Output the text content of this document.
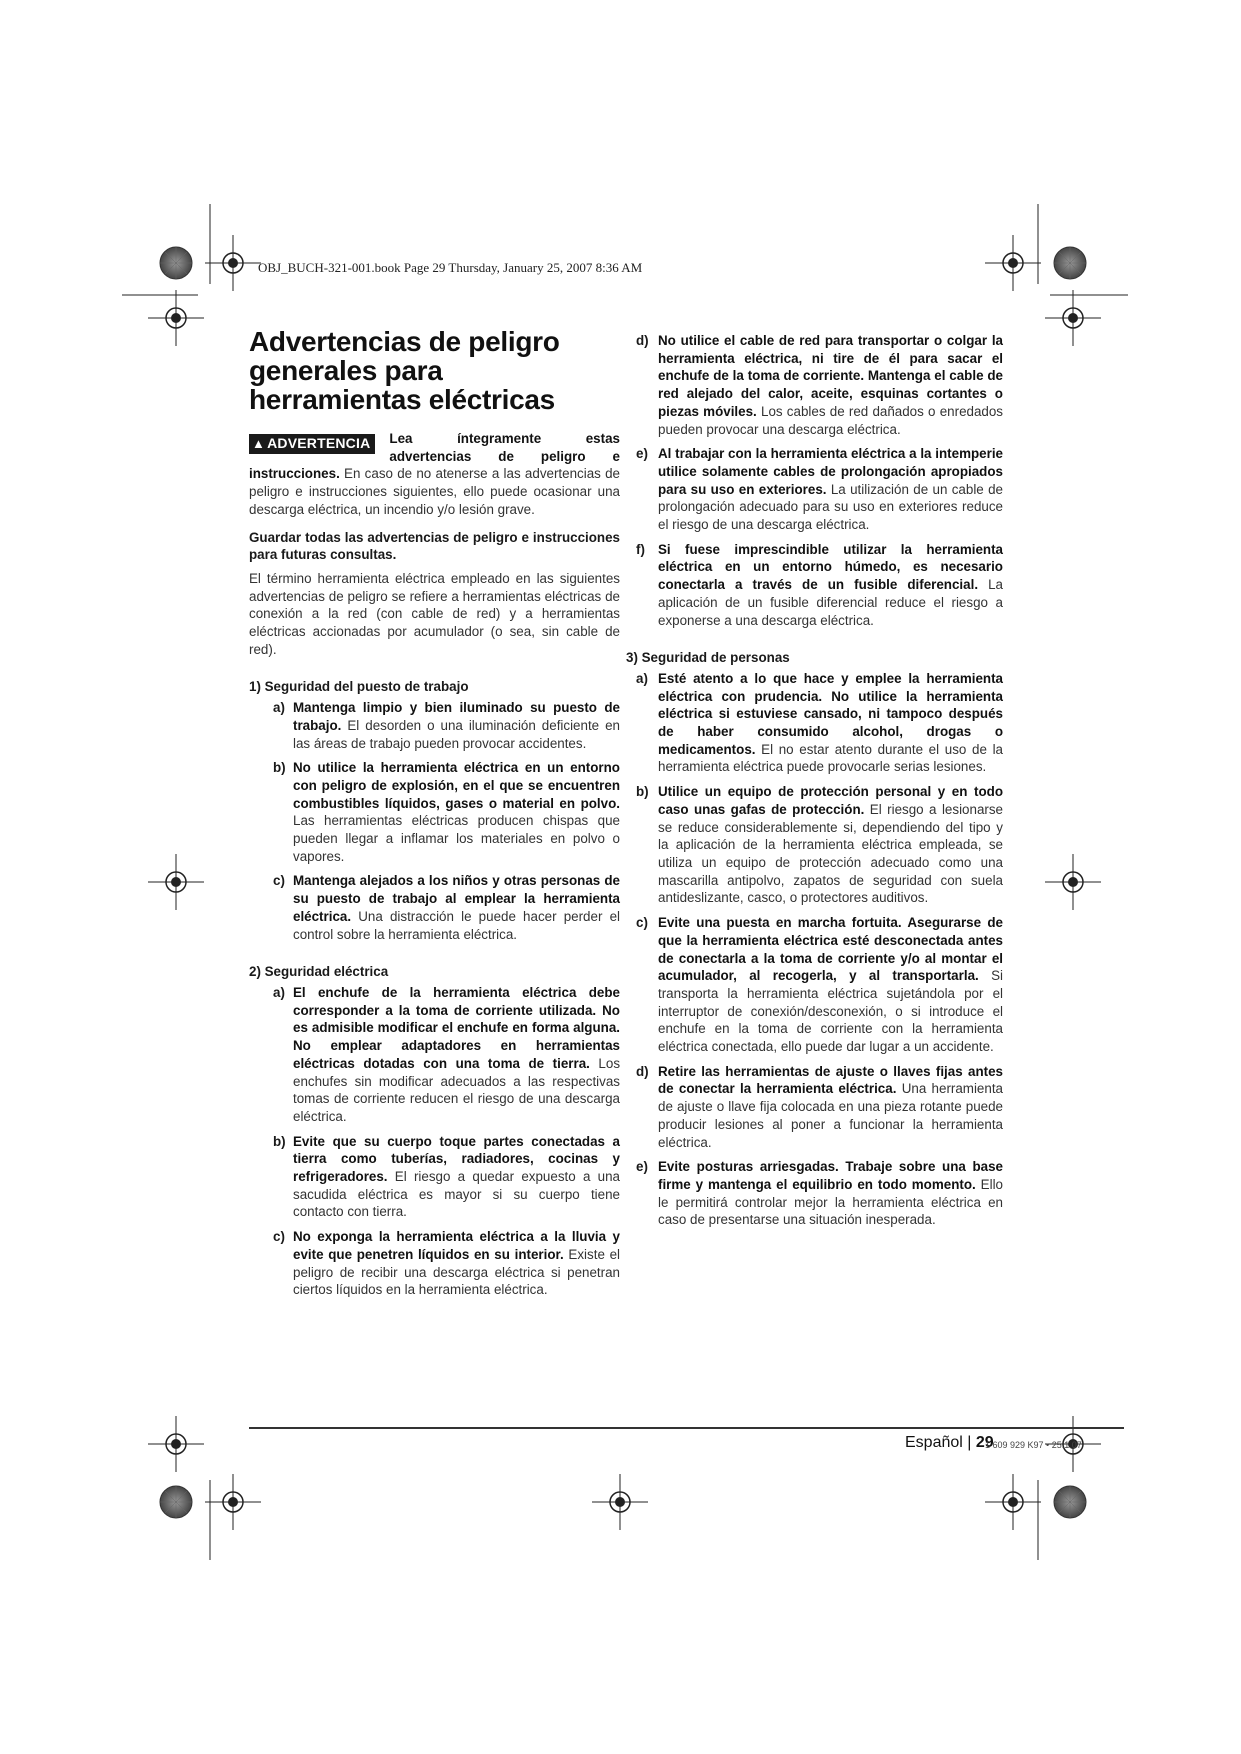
OBJ_BUCH-321-001.book Page 29 Thursday, January 25, 2007 8:36 AM
Advertencias de peligro generales para herramientas eléctricas

▲ ADVERTENCIA	Lea íntegramente estas advertencias de peligro e instrucciones. En caso de no atenerse a las advertencias de peligro e instrucciones siguientes, ello puede ocasionar una descarga eléctrica, un incendio y/o lesión grave.

Guardar todas las advertencias de peligro e instrucciones para futuras consultas.

El término herramienta eléctrica empleado en las siguientes advertencias de peligro se refiere a herramientas eléctricas de conexión a la red (con cable de red) y a herramientas eléctricas accionadas por acumulador (o sea, sin cable de red).

1) Seguridad del puesto de trabajo
a) Mantenga limpio y bien iluminado su puesto de trabajo. El desorden o una iluminación deficiente en las áreas de trabajo pueden provocar accidentes.
b) No utilice la herramienta eléctrica en un entorno con peligro de explosión, en el que se encuentren combustibles líquidos, gases o material en polvo. Las herramientas eléctricas producen chispas que pueden llegar a inflamar los materiales en polvo o vapores.
c) Mantenga alejados a los niños y otras personas de su puesto de trabajo al emplear la herramienta eléctrica. Una distracción le puede hacer perder el control sobre la herramienta eléctrica.
2) Seguridad eléctrica
a) El enchufe de la herramienta eléctrica debe corresponder a la toma de corriente utilizada. No es admisible modificar el enchufe en forma alguna. No emplear adaptadores en herramientas eléctricas dotadas con una toma de tierra. Los enchufes sin modificar adecuados a las respectivas tomas de corriente reducen el riesgo de una descarga eléctrica.
b) Evite que su cuerpo toque partes conectadas a tierra como tuberías, radiadores, cocinas y refrigeradores. El riesgo a quedar expuesto a una sacudida eléctrica es mayor si su cuerpo tiene contacto con tierra.
c) No exponga la herramienta eléctrica a la lluvia y evite que penetren líquidos en su interior. Existe el peligro de recibir una descarga eléctrica si penetran ciertos líquidos en la herramienta eléctrica.
d) No utilice el cable de red para transportar o colgar la herramienta eléctrica, ni tire de él para sacar el enchufe de la toma de corriente. Mantenga el cable de red alejado del calor, aceite, esquinas cortantes o piezas móviles. Los cables de red dañados o enredados pueden provocar una descarga eléctrica.
e) Al trabajar con la herramienta eléctrica a la intemperie utilice solamente cables de prolongación apropiados para su uso en exteriores. La utilización de un cable de prolongación adecuado para su uso en exteriores reduce el riesgo de una descarga eléctrica.
f) Si fuese imprescindible utilizar la herramienta eléctrica en un entorno húmedo, es necesario conectarla a través de un fusible diferencial. La aplicación de un fusible diferencial reduce el riesgo a exponerse a una descarga eléctrica.
3) Seguridad de personas
a) Esté atento a lo que hace y emplee la herramienta eléctrica con prudencia. No utilice la herramienta eléctrica si estuviese cansado, ni tampoco después de haber consumido alcohol, drogas o medicamentos. El no estar atento durante el uso de la herramienta eléctrica puede provocarle serias lesiones.
b) Utilice un equipo de protección personal y en todo caso unas gafas de protección. El riesgo a lesionarse se reduce considerablemente si, dependiendo del tipo y la aplicación de la herramienta eléctrica empleada, se utiliza un equipo de protección adecuado como una mascarilla antipolvo, zapatos de seguridad con suela antideslizante, casco, o protectores auditivos.
c) Evite una puesta en marcha fortuita. Asegurarse de que la herramienta eléctrica esté desconectada antes de conectarla a la toma de corriente y/o al montar el acumulador, al recogerla, y al transportarla. Si transporta la herramienta eléctrica sujetándola por el interruptor de conexión/desconexión, o si introduce el enchufe en la toma de corriente con la herramienta eléctrica conectada, ello puede dar lugar a un accidente.
d) Retire las herramientas de ajuste o llaves fijas antes de conectar la herramienta eléctrica. Una herramienta de ajuste o llave fija colocada en una pieza rotante puede producir lesiones al poner a funcionar la herramienta eléctrica.
e) Evite posturas arriesgadas. Trabaje sobre una base firme y mantenga el equilibrio en todo momento. Ello le permitirá controlar mejor la herramienta eléctrica en caso de presentarse una situación inesperada.
Español | 29
1 609 929 K97 • 25.1.07
